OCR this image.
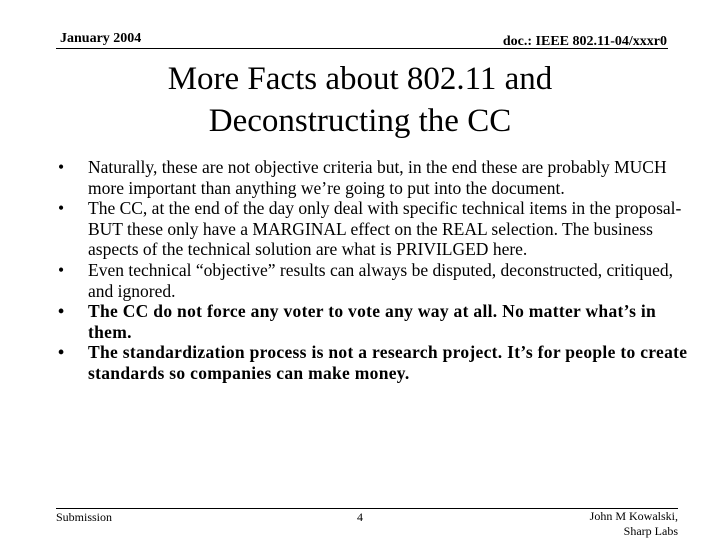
January 2004	doc.: IEEE 802.11-04/xxxr0
More Facts about 802.11 and
Deconstructing the CC
• Naturally, these are not objective criteria but, in the end these are probably MUCH more important than anything we’re going to put into the document.
• The CC, at the end of the day only deal with specific technical items in the proposal- BUT these only have a MARGINAL effect on the REAL selection. The business aspects of the technical solution are what is PRIVILGED here.
• Even technical “objective” results can always be disputed, deconstructed, critiqued, and ignored.
• The CC do not force any voter to vote any way at all. No matter what’s in them.
• The standardization process is not a research project. It’s for people to create standards so companies can make money.
Submission	4	John M Kowalski,
Sharp Labs
